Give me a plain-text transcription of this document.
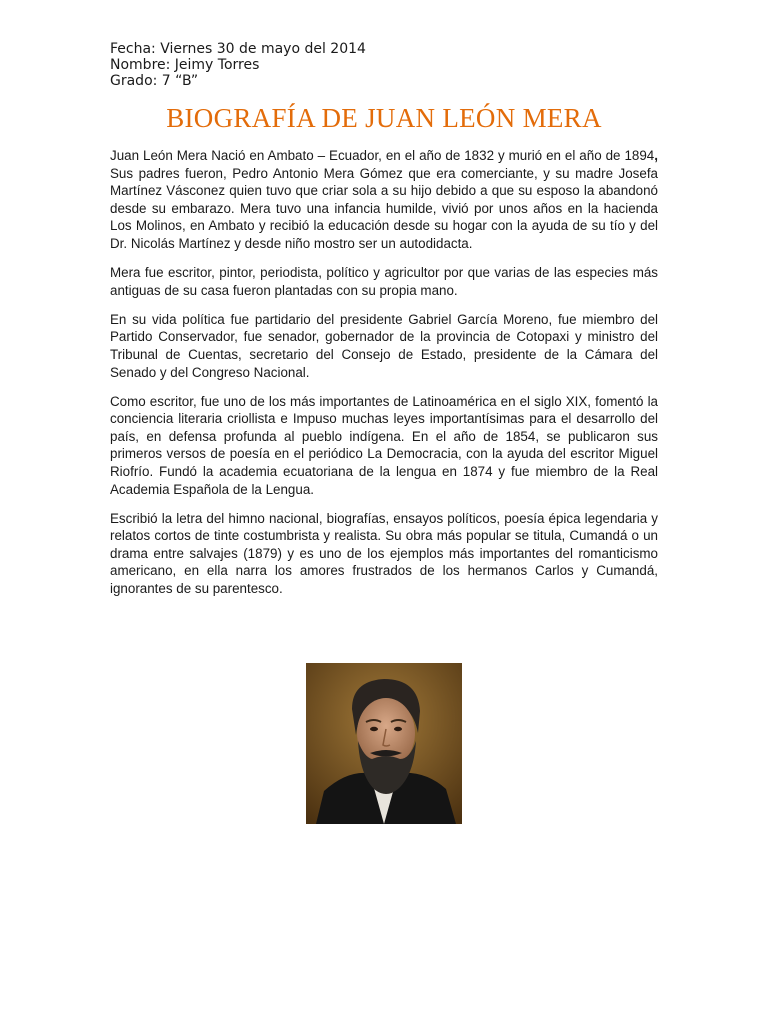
Fecha: Viernes 30 de mayo del 2014
Nombre: Jeimy Torres
Grado: 7 “B”
BIOGRAFÍA DE JUAN LEÓN MERA

Juan León Mera Nació en Ambato – Ecuador, en el año de 1832 y murió en el año de 1894, Sus padres fueron, Pedro Antonio Mera Gómez que era comerciante, y su madre Josefa Martínez Vásconez quien tuvo que criar sola a su hijo debido a que su esposo la abandonó desde su embarazo. Mera tuvo una infancia humilde, vivió por unos años en la hacienda Los Molinos, en Ambato y recibió la educación desde su hogar con la ayuda de su tío y del Dr. Nicolás Martínez y desde niño mostro ser un autodidacta.

Mera fue escritor, pintor, periodista, político y agricultor por que varias de las especies más antiguas de su casa fueron plantadas con su propia mano.

En su vida política fue partidario del presidente Gabriel García Moreno, fue miembro del Partido Conservador, fue senador, gobernador de la provincia de Cotopaxi y ministro del Tribunal de Cuentas, secretario del Consejo de Estado, presidente de la Cámara del Senado y del Congreso Nacional.

Como escritor, fue uno de los más importantes de Latinoamérica en el siglo XIX, fomentó la conciencia literaria criollista e Impuso muchas leyes importantísimas para el desarrollo del país, en defensa profunda al pueblo indígena. En el año de 1854, se publicaron sus primeros versos de poesía en el periódico La Democracia, con la ayuda del escritor Miguel Riofrío. Fundó la academia ecuatoriana de la lengua en 1874 y fue miembro de la Real Academia Española de la Lengua.

Escribió la letra del himno nacional, biografías, ensayos políticos, poesía épica legendaria y relatos cortos de tinte costumbrista y realista. Su obra más popular se titula, Cumandá o un drama entre salvajes (1879) y es uno de los ejemplos más importantes del romanticismo americano, en ella narra los amores frustrados de los hermanos Carlos y Cumandá, ignorantes de su parentesco.
